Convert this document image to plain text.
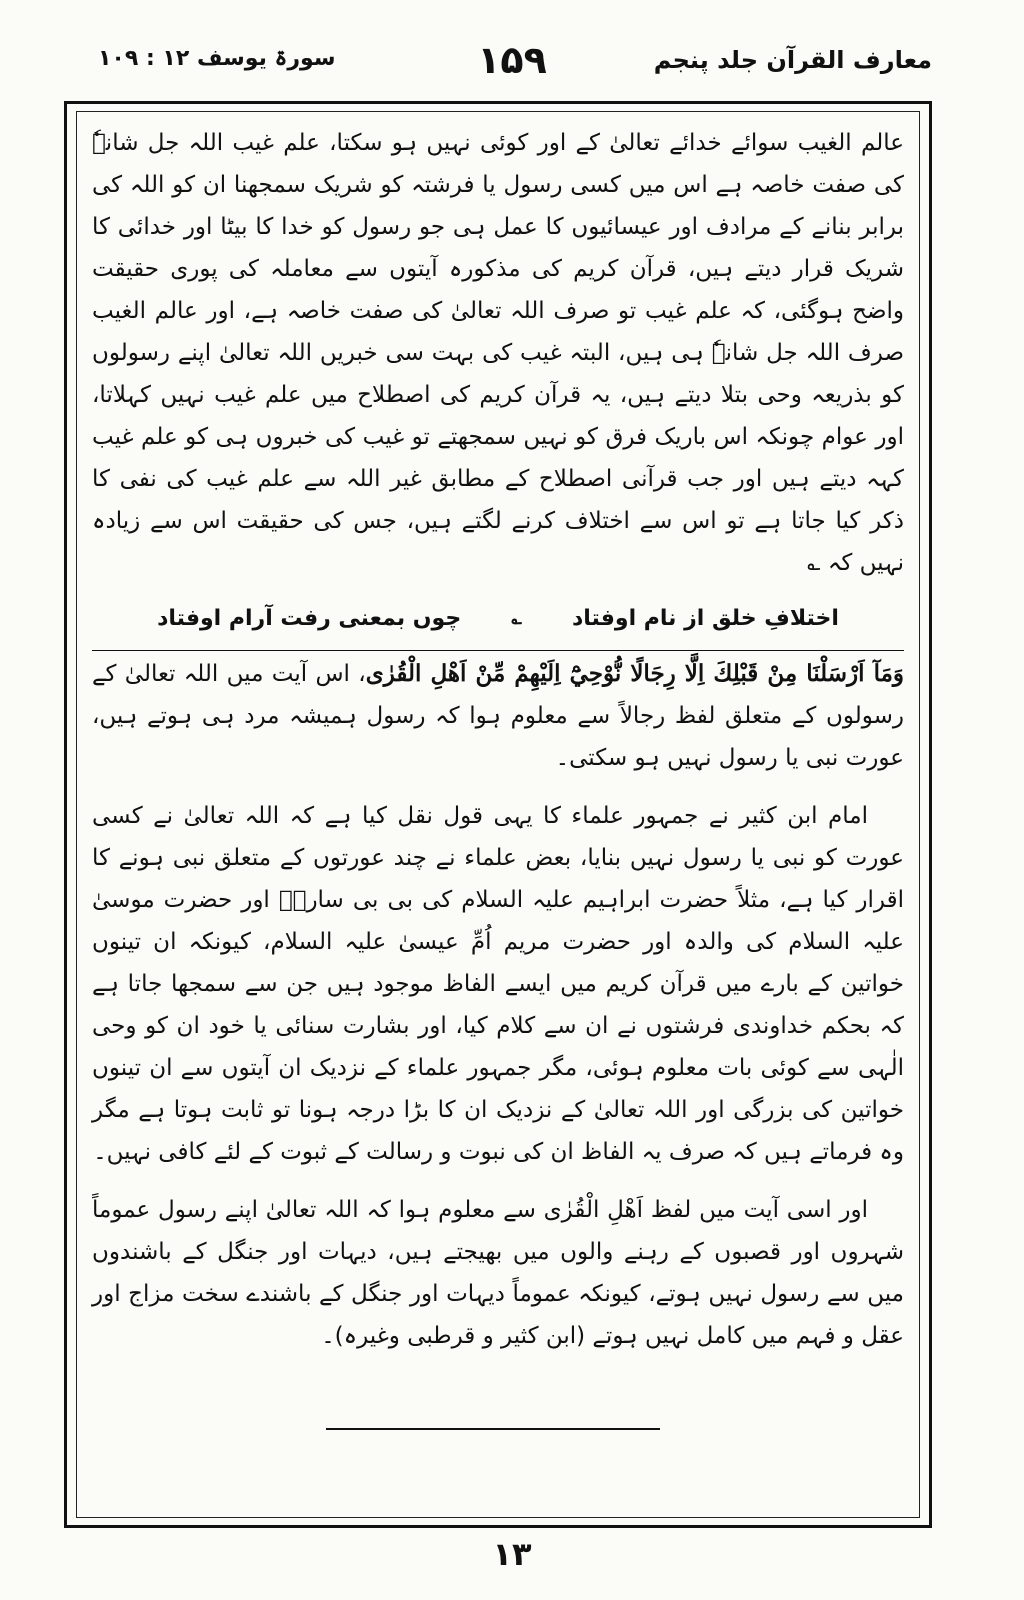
معارف القرآن جلد پنجم
۱۵۹
سورۃ یوسف ۱۲ : ۱۰۹

عالم الغیب سوائے خدائے تعالیٰ کے اور کوئی نہیں ہو سکتا، علم غیب اللہ جل شانہٗ کی صفت خاصہ ہے اس میں کسی رسول یا فرشتہ کو شریک سمجھنا ان کو اللہ کی برابر بنانے کے مرادف اور عیسائیوں کا عمل ہی جو رسول کو خدا کا بیٹا اور خدائی کا شریک قرار دیتے ہیں، قرآن کریم کی مذکورہ آیتوں سے معاملہ کی پوری حقیقت واضح ہوگئی، کہ علم غیب تو صرف اللہ تعالیٰ کی صفت خاصہ ہے، اور عالم الغیب صرف اللہ جل شانہٗ ہی ہیں، البتہ غیب کی بہت سی خبریں اللہ تعالیٰ اپنے رسولوں کو بذریعہ وحی بتلا دیتے ہیں، یہ قرآن کریم کی اصطلاح میں علم غیب نہیں کہلاتا، اور عوام چونکہ اس باریک فرق کو نہیں سمجھتے تو غیب کی خبروں ہی کو علم غیب کہہ دیتے ہیں اور جب قرآنی اصطلاح کے مطابق غیر اللہ سے علم غیب کی نفی کا ذکر کیا جاتا ہے تو اس سے اختلاف کرنے لگتے ہیں، جس کی حقیقت اس سے زیادہ نہیں کہ ؎

اختلافِ خلق از نام اوفتاد
؎
چوں بمعنی رفت آرام اوفتاد

وَمَآ اَرْسَلْنَا مِنْ قَبْلِكَ اِلَّا رِجَالًا نُّوْحِيْٓ اِلَيْهِمْ مِّنْ اَهْلِ الْقُرٰى، اس آیت میں اللہ تعالیٰ کے رسولوں کے متعلق لفظ رجالاً سے معلوم ہوا کہ رسول ہمیشہ مرد ہی ہوتے ہیں، عورت نبی یا رسول نہیں ہو سکتی۔

امام ابن کثیر نے جمہور علماء کا یہی قول نقل کیا ہے کہ اللہ تعالیٰ نے کسی عورت کو نبی یا رسول نہیں بنایا، بعض علماء نے چند عورتوں کے متعلق نبی ہونے کا اقرار کیا ہے، مثلاً حضرت ابراہیم علیہ السلام کی بی بی سارہؑ اور حضرت موسیٰ علیہ السلام کی والدہ اور حضرت مریم اُمِّ عیسیٰ علیہ السلام، کیونکہ ان تینوں خواتین کے بارے میں قرآن کریم میں ایسے الفاظ موجود ہیں جن سے سمجھا جاتا ہے کہ بحکم خداوندی فرشتوں نے ان سے کلام کیا، اور بشارت سنائی یا خود ان کو وحی الٰہی سے کوئی بات معلوم ہوئی، مگر جمہور علماء کے نزدیک ان آیتوں سے ان تینوں خواتین کی بزرگی اور اللہ تعالیٰ کے نزدیک ان کا بڑا درجہ ہونا تو ثابت ہوتا ہے مگر وہ فرماتے ہیں کہ صرف یہ الفاظ ان کی نبوت و رسالت کے ثبوت کے لئے کافی نہیں۔

اور اسی آیت میں لفظ اَهْلِ الْقُرٰى سے معلوم ہوا کہ اللہ تعالیٰ اپنے رسول عموماً شہروں اور قصبوں کے رہنے والوں میں بھیجتے ہیں، دیہات اور جنگل کے باشندوں میں سے رسول نہیں ہوتے، کیونکہ عموماً دیہات اور جنگل کے باشندے سخت مزاج اور عقل و فہم میں کامل نہیں ہوتے (ابن کثیر و قرطبی وغیرہ)۔

۱۳
